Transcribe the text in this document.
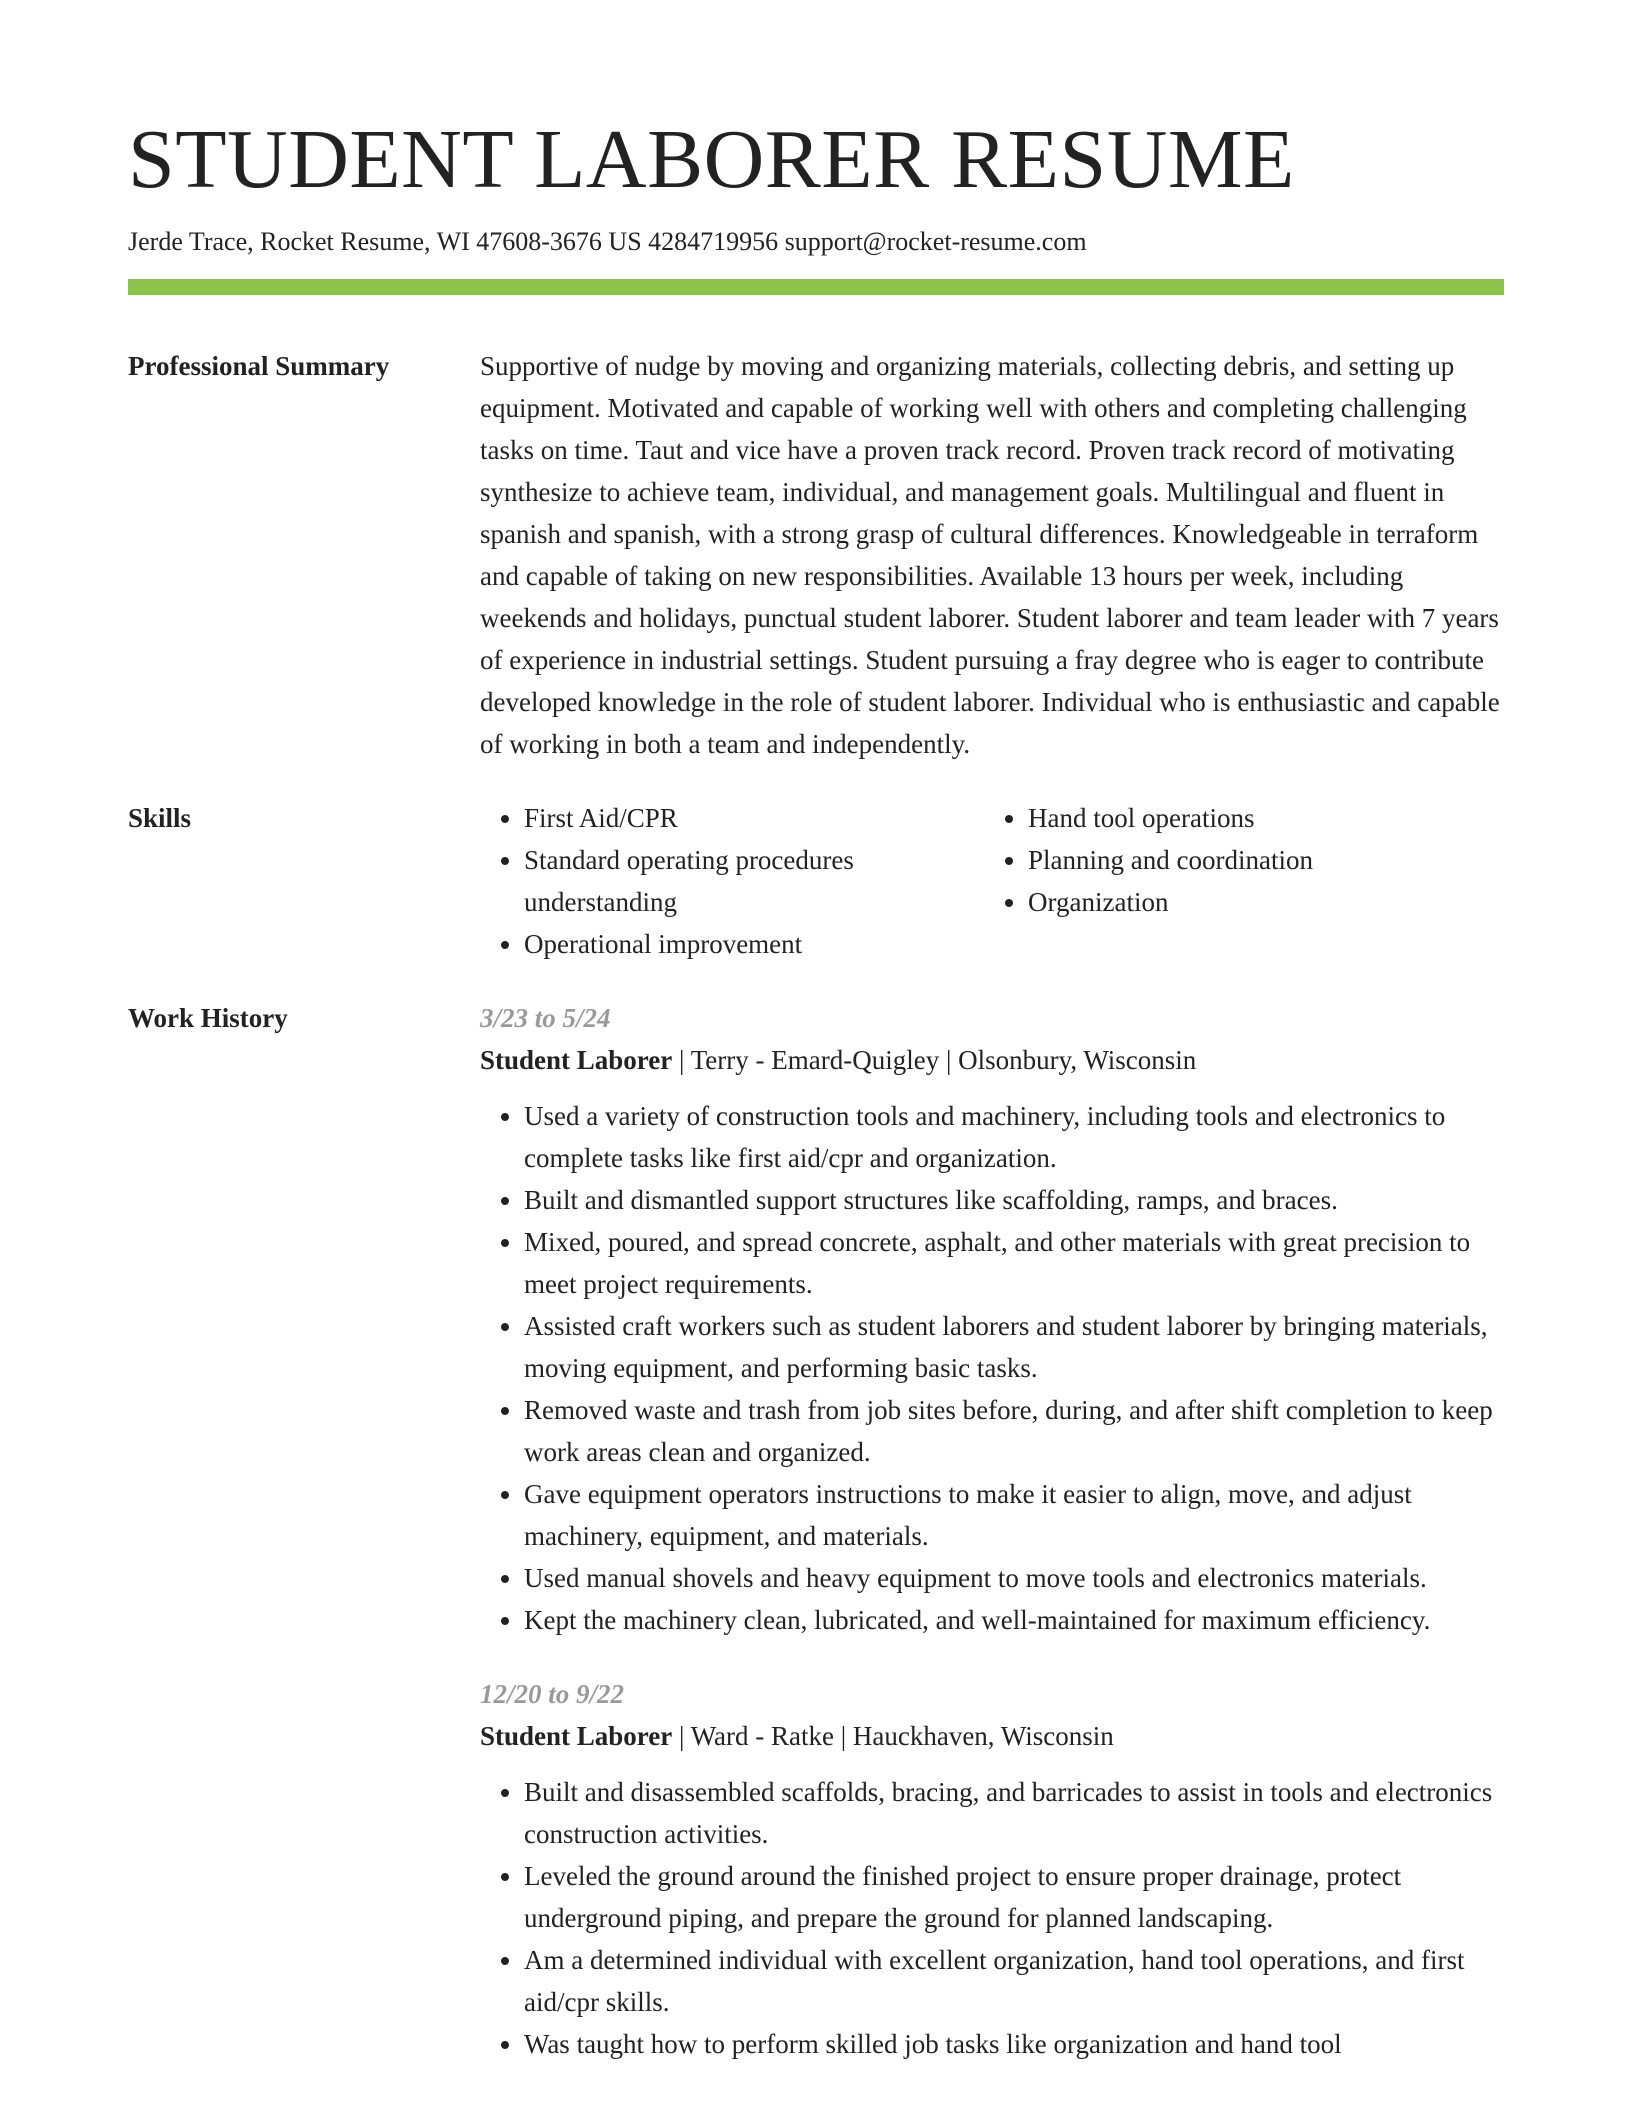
STUDENT LABORER RESUME
Jerde Trace, Rocket Resume, WI 47608-3676 US 4284719956 support@rocket-resume.com
Professional Summary	Supportive of nudge by moving and organizing materials, collecting debris, and setting up equipment. Motivated and capable of working well with others and completing challenging tasks on time. Taut and vice have a proven track record. Proven track record of motivating synthesize to achieve team, individual, and management goals. Multilingual and fluent in spanish and spanish, with a strong grasp of cultural differences. Knowledgeable in terraform and capable of taking on new responsibilities. Available 13 hours per week, including weekends and holidays, punctual student laborer. Student laborer and team leader with 7 years of experience in industrial settings. Student pursuing a fray degree who is eager to contribute developed knowledge in the role of student laborer. Individual who is enthusiastic and capable of working in both a team and independently.

Skills
•	First Aid/CPR
• Standard operating procedures understanding
• Operational improvement
• Hand tool operations
• Planning and coordination
• Organization
Work History	3/23 to 5/24
Student Laborer | Terry - Emard-Quigley | Olsonbury, Wisconsin
• Used a variety of construction tools and machinery, including tools and electronics to complete tasks like first aid/cpr and organization.
• Built and dismantled support structures like scaffolding, ramps, and braces.
• Mixed, poured, and spread concrete, asphalt, and other materials with great precision to meet project requirements.
• Assisted craft workers such as student laborers and student laborer by bringing materials, moving equipment, and performing basic tasks.
• Removed waste and trash from job sites before, during, and after shift completion to keep work areas clean and organized.
• Gave equipment operators instructions to make it easier to align, move, and adjust machinery, equipment, and materials.
• Used manual shovels and heavy equipment to move tools and electronics materials.
• Kept the machinery clean, lubricated, and well-maintained for maximum efficiency.
12/20 to 9/22
Student Laborer | Ward - Ratke | Hauckhaven, Wisconsin
• Built and disassembled scaffolds, bracing, and barricades to assist in tools and electronics construction activities.
• Leveled the ground around the finished project to ensure proper drainage, protect underground piping, and prepare the ground for planned landscaping.
• Am a determined individual with excellent organization, hand tool operations, and first aid/cpr skills.
• Was taught how to perform skilled job tasks like organization and hand tool
